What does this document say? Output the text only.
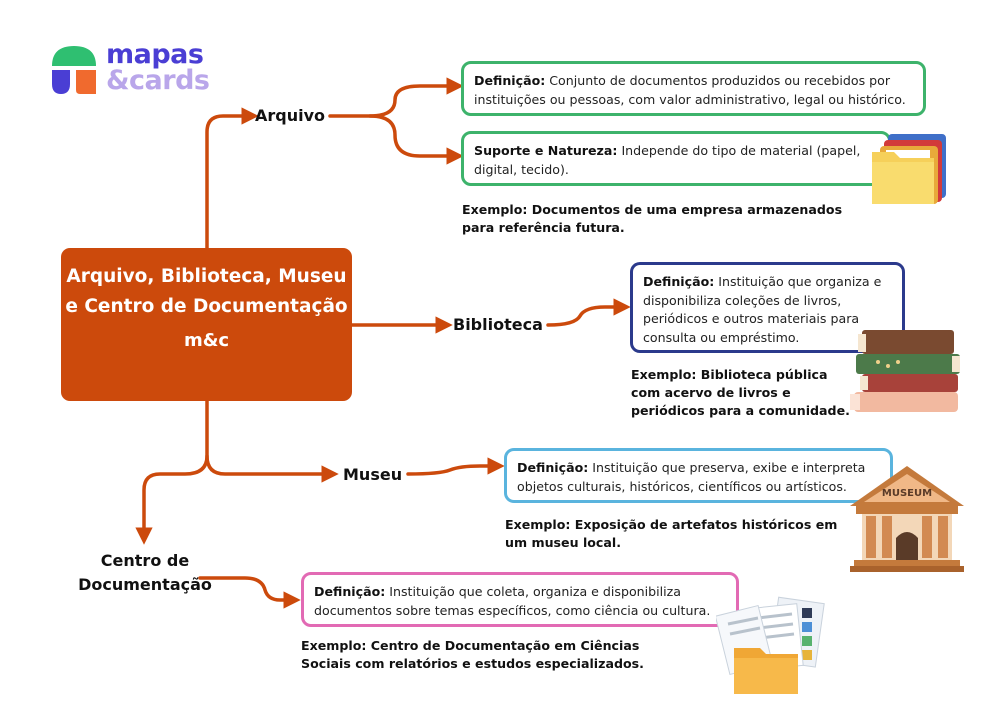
mapas
&cards
Arquivo, Biblioteca, Museu e Centro de Documentação
m&c
Arquivo
Biblioteca
Museu
Centro de
Documentação
Definição: Conjunto de documentos produzidos ou recebidos por instituições ou pessoas, com valor administrativo, legal ou histórico.
Suporte e Natureza: Independe do tipo de material (papel, digital, tecido).
Exemplo: Documentos de uma empresa armazenados para referência futura.
Definição: Instituição que organiza e disponibiliza coleções de livros, periódicos e outros materiais para consulta ou empréstimo.
Exemplo: Biblioteca pública com acervo de livros e periódicos para a comunidade.
Definição: Instituição que preserva, exibe e interpreta objetos culturais, históricos, científicos ou artísticos.
Exemplo: Exposição de artefatos históricos em um museu local.
MUSEUM
Definição: Instituição que coleta, organiza e disponibiliza documentos sobre temas específicos, como ciência ou cultura.
Exemplo: Centro de Documentação em Ciências Sociais com relatórios e estudos especializados.
